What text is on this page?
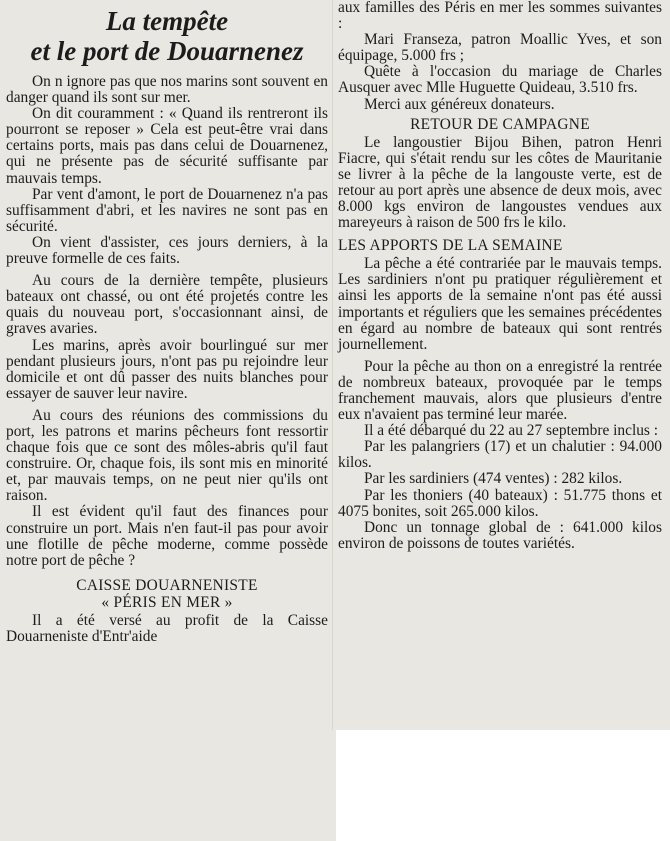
La tempête
et le port de Douarnenez

On n ignore pas que nos marins sont souvent en danger quand ils sont sur mer.

On dit couramment : « Quand ils rentreront ils pourront se reposer » Cela est peut-être vrai dans certains ports, mais pas dans celui de Douarnenez, qui ne présente pas de sécurité suffisante par mauvais temps.

Par vent d'amont, le port de Douarnenez n'a pas suffisamment d'abri, et les navires ne sont pas en sécurité.

On vient d'assister, ces jours derniers, à la preuve formelle de ces faits.

Au cours de la dernière tempête, plusieurs bateaux ont chassé, ou ont été projetés contre les quais du nouveau port, s'occasionnant ainsi, de graves avaries.

Les marins, après avoir bourlingué sur mer pendant plusieurs jours, n'ont pas pu rejoindre leur domicile et ont dû passer des nuits blanches pour essayer de sauver leur navire.

Au cours des réunions des commissions du port, les patrons et marins pêcheurs font ressortir chaque fois que ce sont des môles-abris qu'il faut construire. Or, chaque fois, ils sont mis en minorité et, par mauvais temps, on ne peut nier qu'ils ont raison.

Il est évident qu'il faut des finances pour construire un port. Mais n'en faut-il pas pour avoir une flotille de pêche moderne, comme possède notre port de pêche ?

CAISSE DOUARNENISTE
« PÉRIS EN MER »

Il a été versé au profit de la Caisse Douarneniste d'Entr'aide

aux familles des Péris en mer les sommes suivantes :

Mari Franseza, patron Moallic Yves, et son équipage, 5.000 frs ;

Quête à l'occasion du mariage de Charles Ausquer avec Mlle Huguette Quideau, 3.510 frs.

Merci aux généreux donateurs.

RETOUR DE CAMPAGNE

Le langoustier Bijou Bihen, patron Henri Fiacre, qui s'était rendu sur les côtes de Mauritanie se livrer à la pêche de la langouste verte, est de retour au port après une absence de deux mois, avec 8.000 kgs environ de langoustes vendues aux mareyeurs à raison de 500 frs le kilo.

LES APPORTS DE LA SEMAINE

La pêche a été contrariée par le mauvais temps. Les sardiniers n'ont pu pratiquer régulièrement et ainsi les apports de la semaine n'ont pas été aussi importants et réguliers que les semaines précédentes en égard au nombre de bateaux qui sont rentrés journellement.

Pour la pêche au thon on a enregistré la rentrée de nombreux bateaux, provoquée par le temps franchement mauvais, alors que plusieurs d'entre eux n'avaient pas terminé leur marée.

Il a été débarqué du 22 au 27 septembre inclus :

Par les palangriers (17) et un chalutier : 94.000 kilos.

Par les sardiniers (474 ventes) : 282 kilos.

Par les thoniers (40 bateaux) : 51.775 thons et 4075 bonites, soit 265.000 kilos.

Donc un tonnage global de : 641.000 kilos environ de poissons de toutes variétés.
